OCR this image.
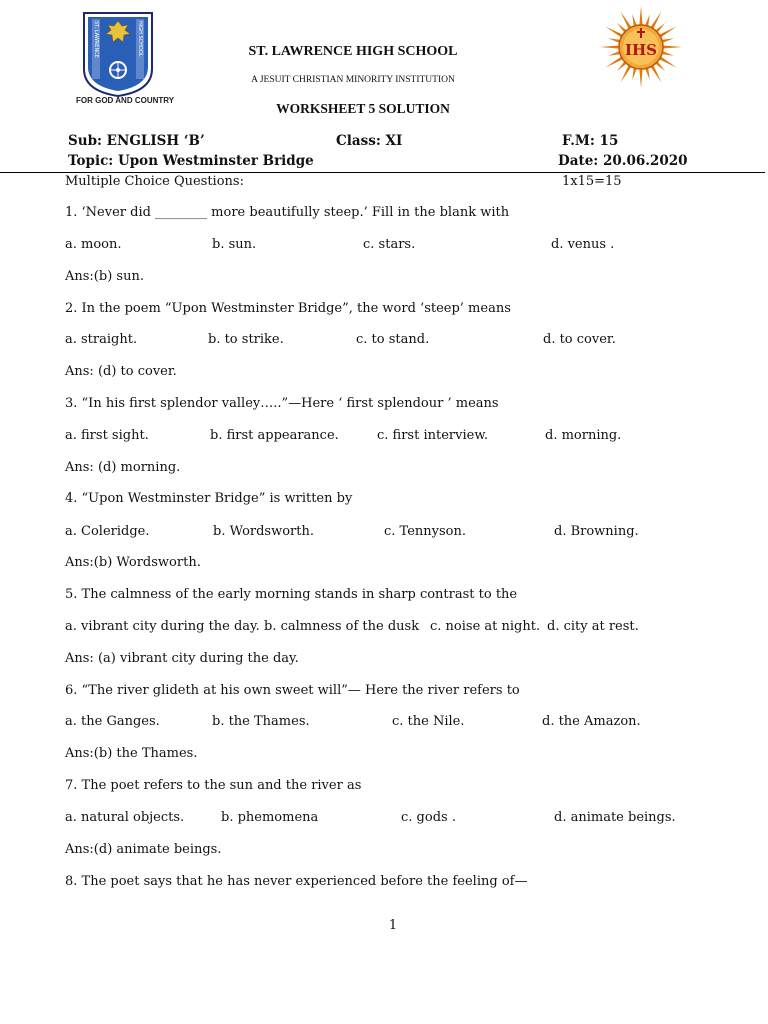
ST. LAWRENCE	HIGH SCHOOL
FOR GOD AND COUNTRY
IHS
ST. LAWRENCE HIGH SCHOOL
A JESUIT CHRISTIAN MINORITY INSTITUTION
WORKSHEET 5 SOLUTION
Sub: ENGLISH ‘B’	Class: XI	F.M: 15
Topic: Upon Westminster Bridge	Date: 20.06.2020
Multiple Choice Questions:	1x15=15
1. ‘Never did ________ more beautifully steep.’ Fill in the blank with
a. moon.	b. sun.	c. stars.	d. venus .
Ans:(b) sun.
2. In the poem “Upon Westminster Bridge”, the word ‘steep’ means
a. straight.	b. to strike.	c. to stand.	d. to cover.
Ans: (d) to cover.
3. “In his first splendor valley…..”—Here ‘ first splendour ’ means
a. first sight.	b. first appearance.	c. first interview.	d. morning.
Ans: (d) morning.
4. “Upon Westminster Bridge” is written by
a. Coleridge.	b. Wordsworth.	c. Tennyson.	d. Browning.
Ans:(b) Wordsworth.
5. The calmness of the early morning stands in sharp contrast to the
a. vibrant city during the day. b. calmness of the dusk c. noise at night. d. city at rest.
Ans: (a) vibrant city during the day.
6. “The river glideth at his own sweet will”— Here the river refers to
a. the Ganges.	b. the Thames.	c. the Nile.	d. the Amazon.
Ans:(b) the Thames.
7. The poet refers to the sun and the river as
a. natural objects.	b. phemomena	c. gods .	d. animate beings.
Ans:(d) animate beings.
8. The poet says that he has never experienced before the feeling of—
1
